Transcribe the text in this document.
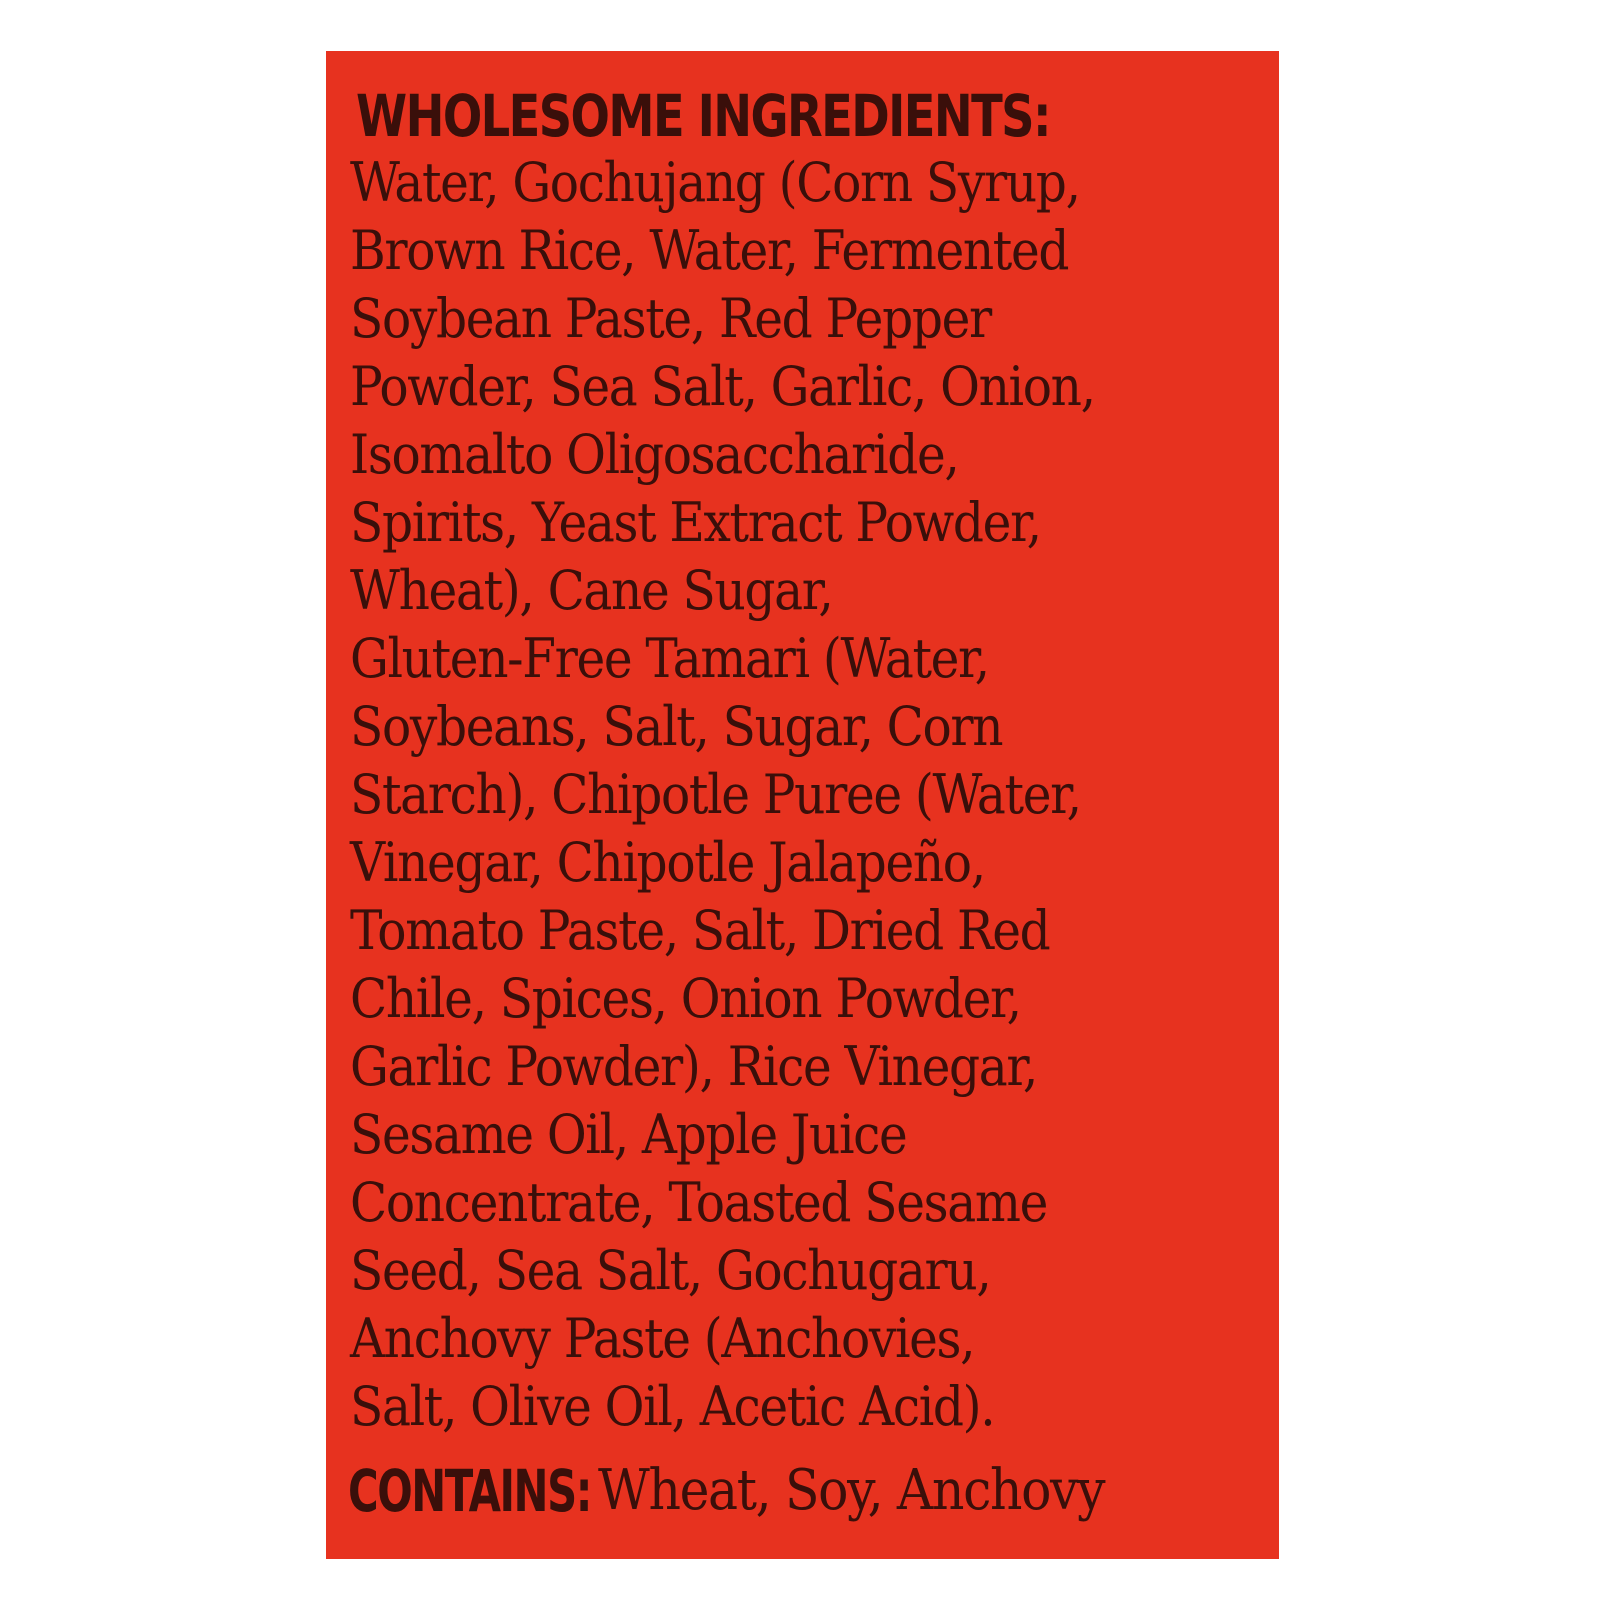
WHOLESOME INGREDIENTS:
Water, Gochujang (Corn Syrup,
Brown Rice, Water, Fermented
Soybean Paste, Red Pepper
Powder, Sea Salt, Garlic, Onion,
Isomalto Oligosaccharide,
Spirits, Yeast Extract Powder,
Wheat), Cane Sugar,
Gluten-Free Tamari (Water,
Soybeans, Salt, Sugar, Corn
Starch), Chipotle Puree (Water,
Vinegar, Chipotle Jalapeño,
Tomato Paste, Salt, Dried Red
Chile, Spices, Onion Powder,
Garlic Powder), Rice Vinegar,
Sesame Oil, Apple Juice
Concentrate, Toasted Sesame
Seed, Sea Salt, Gochugaru,
Anchovy Paste (Anchovies,
Salt, Olive Oil, Acetic Acid).
CONTAINS: Wheat, Soy, Anchovy
